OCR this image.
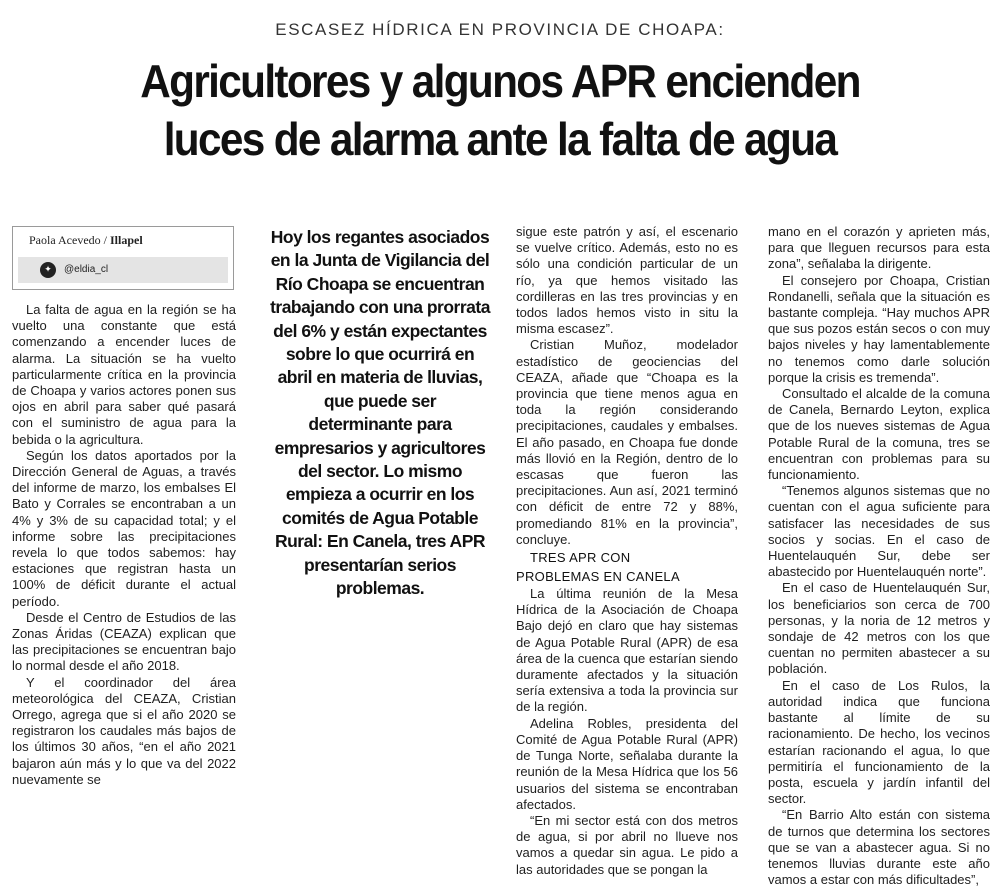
ESCASEZ HÍDRICA EN PROVINCIA DE CHOAPA:
Agricultores y algunos APR encienden
luces de alarma ante la falta de agua
Paola Acevedo / Illapel
✦	@eldia_cl

La falta de agua en la región se ha vuelto una constante que está comenzando a encender luces de alarma. La situación se ha vuelto particularmente crítica en la provincia de Choapa y varios actores ponen sus ojos en abril para saber qué pasará con el suministro de agua para la bebida o la agricultura.

Según los datos aportados por la Dirección General de Aguas, a través del informe de marzo, los embalses El Bato y Corrales se encontraban a un 4% y 3% de su capacidad total; y el informe sobre las precipitaciones revela lo que todos sabemos: hay estaciones que registran hasta un 100% de déficit durante el actual período.

Desde el Centro de Estudios de las Zonas Áridas (CEAZA) explican que las precipitaciones se encuentran bajo lo normal desde el año 2018.

Y el coordinador del área meteorológica del CEAZA, Cristian Orrego, agrega que si el año 2020 se registraron los caudales más bajos de los últimos 30 años, “en el año 2021 bajaron aún más y lo que va del 2022 nuevamente se

Hoy los regantes asociados en la Junta de Vigilancia del Río Choapa se encuentran trabajando con una prorrata del 6% y están expectantes sobre lo que ocurrirá en abril en materia de lluvias, que puede ser determinante para empresarios y agricultores del sector. Lo mismo empieza a ocurrir en los comités de Agua Potable Rural: En Canela, tres APR presentarían serios problemas.

sigue este patrón y así, el escenario se vuelve crítico. Además, esto no es sólo una condición particular de un río, ya que hemos visitado las cordilleras en las tres provincias y en todos lados hemos visto in situ la misma escasez”.

Cristian Muñoz, modelador estadístico de geociencias del CEAZA, añade que “Choapa es la provincia que tiene menos agua en toda la región considerando precipitaciones, caudales y embalses. El año pasado, en Choapa fue donde más llovió en la Región, dentro de lo escasas que fueron las precipitaciones. Aun así, 2021 terminó con déficit de entre 72 y 88%, promediando 81% en la provincia”, concluye.

TRES APR CON
PROBLEMAS EN CANELA

La última reunión de la Mesa Hídrica de la Asociación de Choapa Bajo dejó en claro que hay sistemas de Agua Potable Rural (APR) de esa área de la cuenca que estarían siendo duramente afectados y la situación sería extensiva a toda la provincia sur de la región.

Adelina Robles, presidenta del Comité de Agua Potable Rural (APR) de Tunga Norte, señalaba durante la reunión de la Mesa Hídrica que los 56 usuarios del sistema se encontraban afectados.

“En mi sector está con dos metros de agua, si por abril no llueve nos vamos a quedar sin agua. Le pido a las autoridades que se pongan la

mano en el corazón y aprieten más, para que lleguen recursos para esta zona”, señalaba la dirigente.

El consejero por Choapa, Cristian Rondanelli, señala que la situación es bastante compleja. “Hay muchos APR que sus pozos están secos o con muy bajos niveles y hay lamentablemente no tenemos como darle solución porque la crisis es tremenda”.

Consultado el alcalde de la comuna de Canela, Bernardo Leyton, explica que de los nueves sistemas de Agua Potable Rural de la comuna, tres se encuentran con problemas para su funcionamiento.

“Tenemos algunos sistemas que no cuentan con el agua suficiente para satisfacer las necesidades de sus socios y socias. En el caso de Huentelauquén Sur, debe ser abastecido por Huentelauquén norte”.

En el caso de Huentelauquén Sur, los beneficiarios son cerca de 700 personas, y la noria de 12 metros y sondaje de 42 metros con los que cuentan no permiten abastecer a su población.

En el caso de Los Rulos, la autoridad indica que funciona bastante al límite de su racionamiento. De hecho, los vecinos estarían racionando el agua, lo que permitiría el funcionamiento de la posta, escuela y jardín infantil del sector.

“En Barrio Alto están con sistema de turnos que determina los sectores que se van a abastecer agua. Si no tenemos lluvias durante este año vamos a estar con más dificultades”,
